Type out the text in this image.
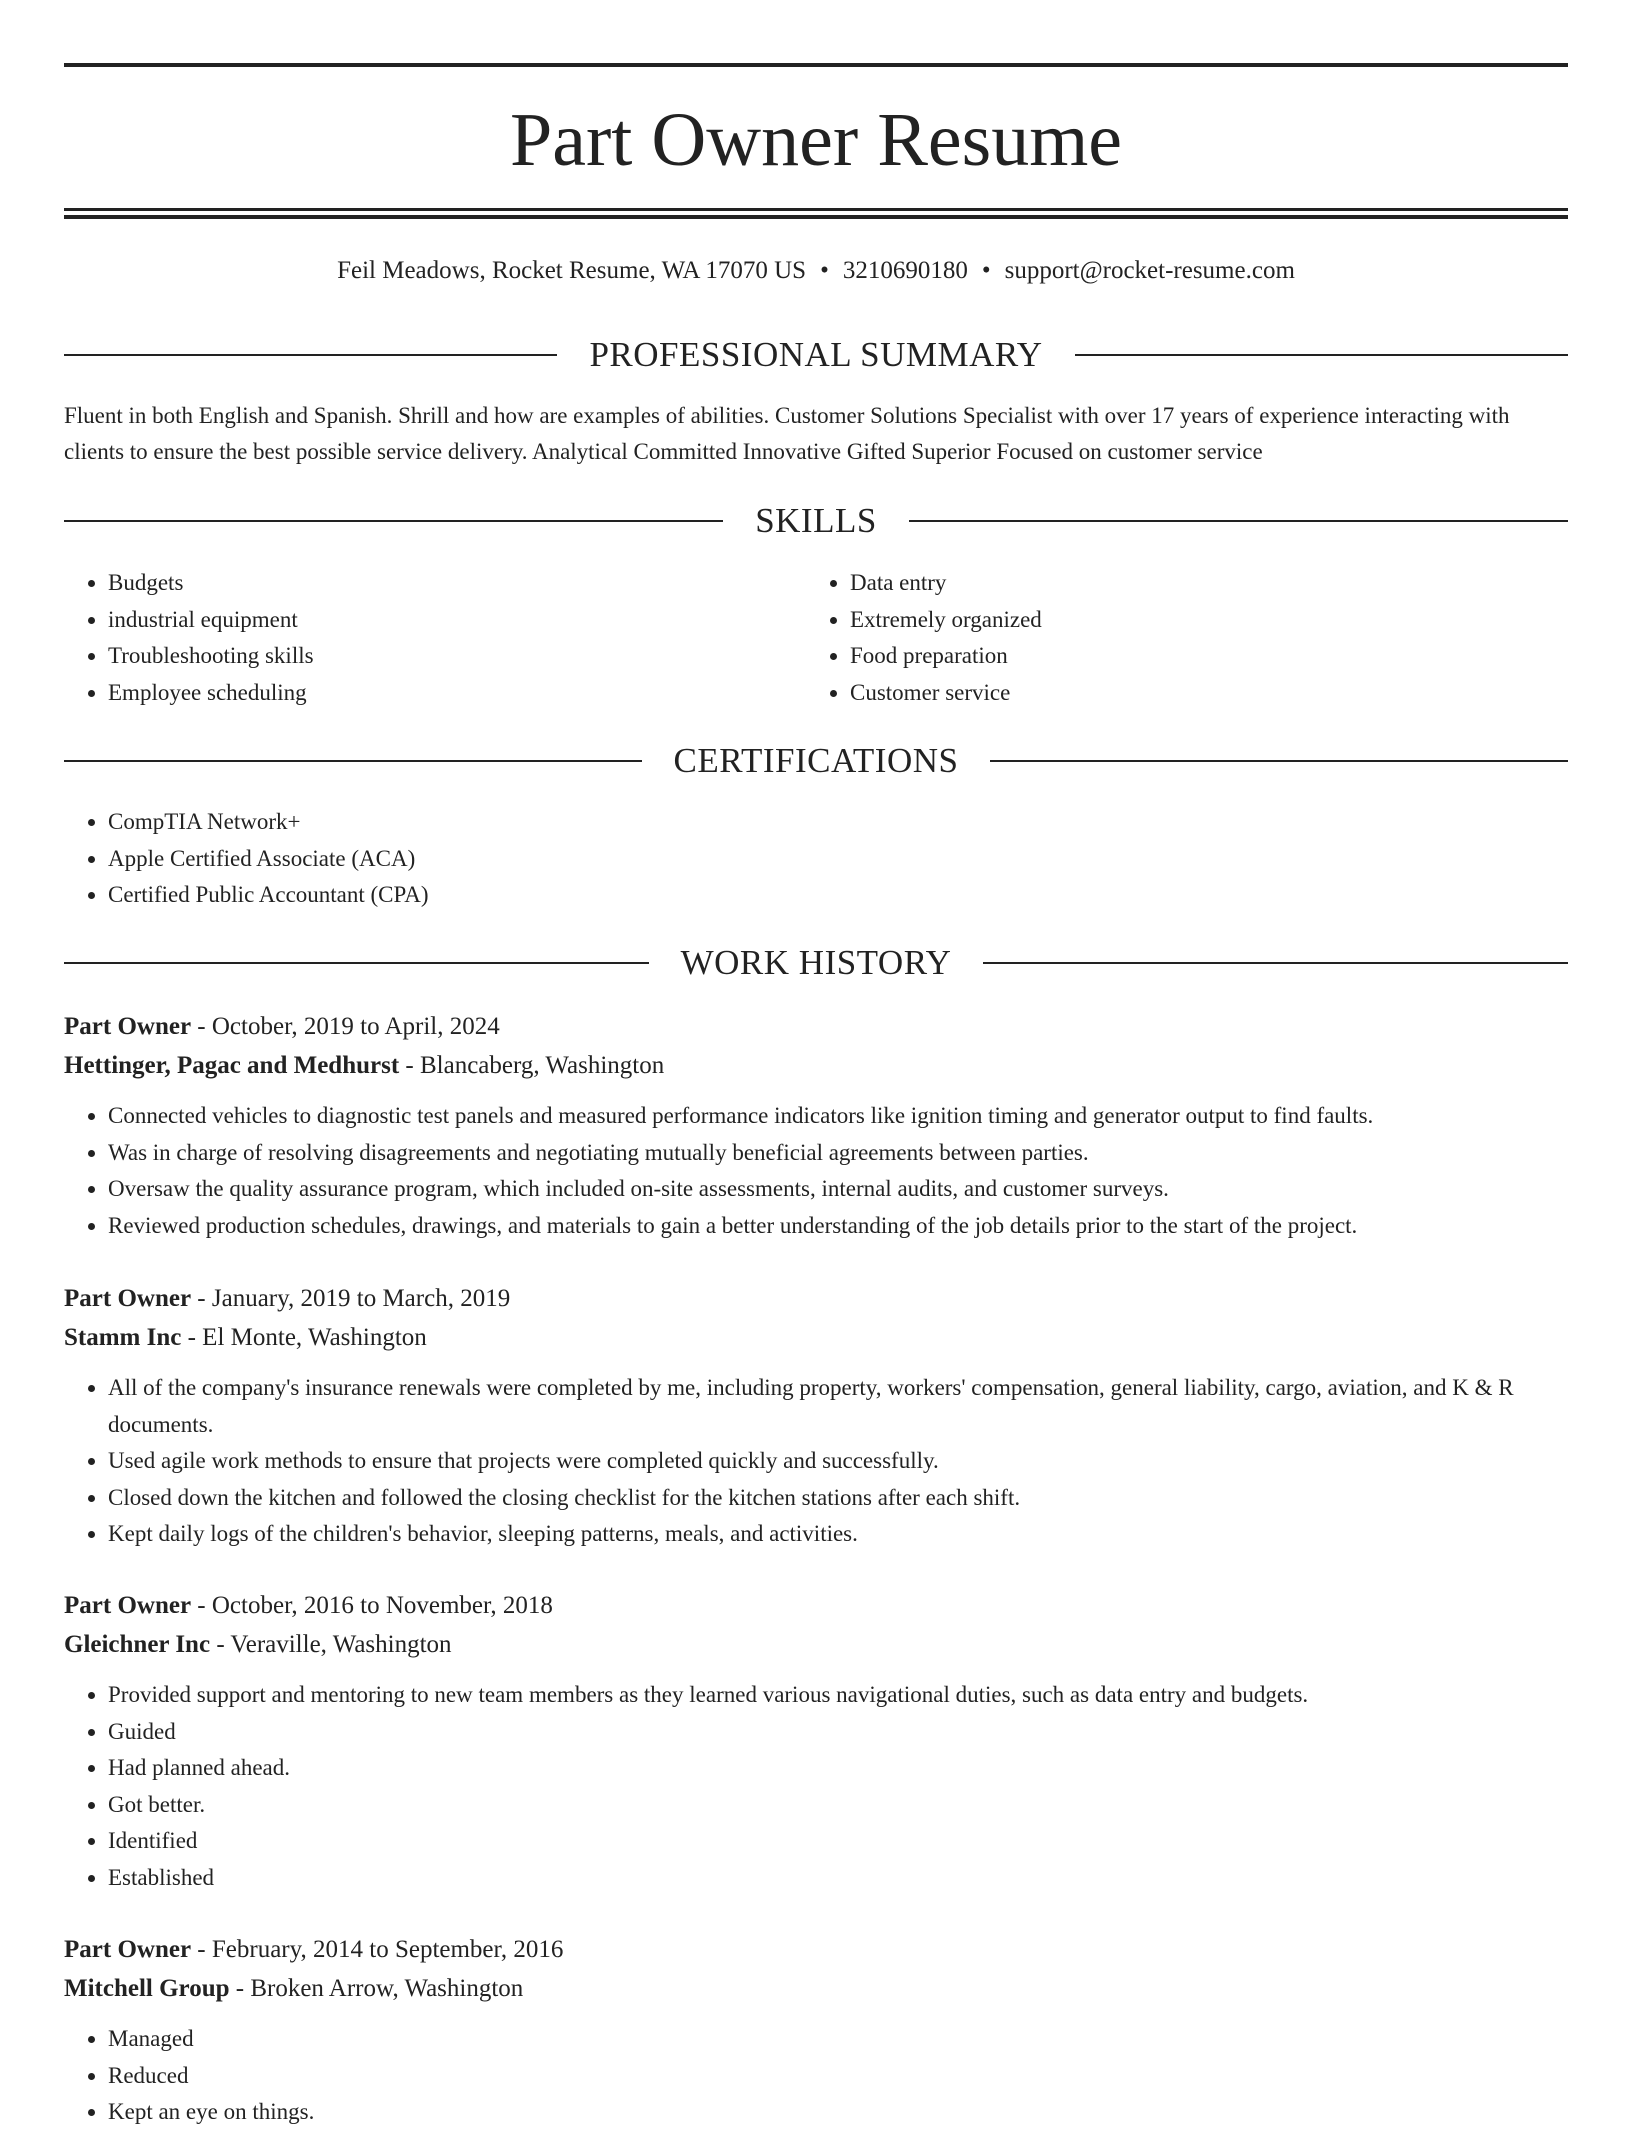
Part Owner Resume
Feil Meadows, Rocket Resume, WA 17070 US • 3210690180 • support@rocket-resume.com
PROFESSIONAL SUMMARY

Fluent in both English and Spanish. Shrill and how are examples of abilities. Customer Solutions Specialist with over 17 years of experience interacting with clients to ensure the best possible service delivery. Analytical Committed Innovative Gifted Superior Focused on customer service

SKILLS
• Budgets
• industrial equipment
• Troubleshooting skills
• Employee scheduling
• Data entry
• Extremely organized
• Food preparation
• Customer service
CERTIFICATIONS
• CompTIA Network+
• Apple Certified Associate (ACA)
• Certified Public Accountant (CPA)
WORK HISTORY
Part Owner - October, 2019 to April, 2024
Hettinger, Pagac and Medhurst - Blancaberg, Washington
• Connected vehicles to diagnostic test panels and measured performance indicators like ignition timing and generator output to find faults.
• Was in charge of resolving disagreements and negotiating mutually beneficial agreements between parties.
• Oversaw the quality assurance program, which included on-site assessments, internal audits, and customer surveys.
• Reviewed production schedules, drawings, and materials to gain a better understanding of the job details prior to the start of the project.
Part Owner - January, 2019 to March, 2019
Stamm Inc - El Monte, Washington
• All of the company's insurance renewals were completed by me, including property, workers' compensation, general liability, cargo, aviation, and K & R documents.
• Used agile work methods to ensure that projects were completed quickly and successfully.
• Closed down the kitchen and followed the closing checklist for the kitchen stations after each shift.
• Kept daily logs of the children's behavior, sleeping patterns, meals, and activities.
Part Owner - October, 2016 to November, 2018
Gleichner Inc - Veraville, Washington
• Provided support and mentoring to new team members as they learned various navigational duties, such as data entry and budgets.
• Guided
• Had planned ahead.
• Got better.
• Identified
• Established
Part Owner - February, 2014 to September, 2016
Mitchell Group - Broken Arrow, Washington
• Managed
• Reduced
• Kept an eye on things.
